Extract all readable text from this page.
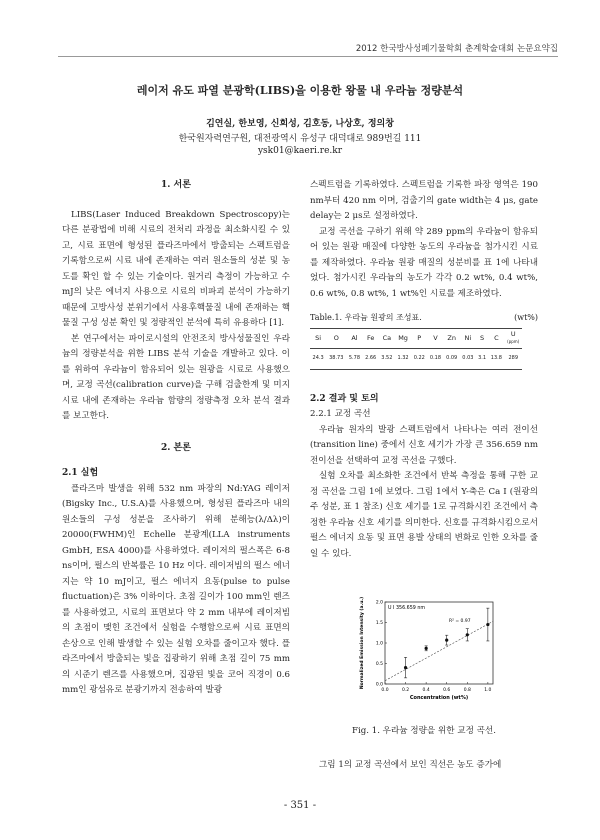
2012 한국방사성폐기물학회 춘계학술대회 논문요약집
레이저 유도 파열 분광학(LIBS)을 이용한 왕물 내 우라늄 정량분석
김연실, 한보영, 신희성, 김호동, 나상호, 정의창
한국원자력연구원, 대전광역시 유성구 대덕대로 989번길 111
ysk01@kaeri.re.kr
1. 서론

LIBS(Laser Induced Breakdown Spectroscopy)는 다른 분광법에 비해 시료의 전처리 과정을 최소화시킬 수 있고, 시료 표면에 형성된 플라즈마에서 방출되는 스펙트럼을 기록함으로써 시료 내에 존재하는 여러 원소들의 성분 및 농도를 확인 할 수 있는 기술이다. 원거리 측정이 가능하고 수 mJ의 낮은 에너지 사용으로 시료의 비파괴 분석이 가능하기 때문에 고방사성 분위기에서 사용후핵물질 내에 존재하는 핵물질 구성 성분 확인 및 정량적인 분석에 특히 유용하다 [1].

본 연구에서는 파이로시설의 안전조치 방사성물질인 우라늄의 정량분석을 위한 LIBS 분석 기술을 개발하고 있다. 이를 위하여 우라늄이 함유되어 있는 원광을 시료로 사용했으며, 교정 곡선(calibration curve)을 구해 검출한계 및 미지시료 내에 존재하는 우라늄 함량의 정량측정 오차 분석 결과를 보고한다.

2. 본론
2.1 실험

플라즈마 발생을 위해 532 nm 파장의 Nd:YAG 레이저(Bigsky Inc., U.S.A)를 사용했으며, 형성된 플라즈마 내의 원소들의 구성 성분을 조사하기 위해 분해능(λ/Δλ)이 20000(FWHM)인 Echelle 분광계(LLA instruments GmbH, ESA 4000)를 사용하였다. 레이저의 펄스폭은 6-8 ns이며, 펄스의 반복률은 10 Hz 이다. 레이저빔의 펄스 에너지는 약 10 mJ이고, 펄스 에너지 요동(pulse to pulse fluctuation)은 3% 이하이다. 초점 길이가 100 mm인 렌즈를 사용하였고, 시료의 표면보다 약 2 mm 내부에 레이저빔의 초점이 맺힌 조건에서 실험을 수행함으로써 시료 표면의 손상으로 인해 발생할 수 있는 실험 오차를 줄이고자 했다. 플라즈마에서 방출되는 빛을 집광하기 위해 초점 길이 75 mm의 시준기 렌즈를 사용했으며, 집광된 빛을 코어 직경이 0.6 mm인 광섬유로 분광기까지 전송하여 발광

스펙트럼을 기록하였다. 스펙트럼을 기록한 파장 영역은 190 nm부터 420 nm 이며, 검출기의 gate width는 4 μs, gate delay는 2 μs로 설정하였다.

교정 곡선을 구하기 위해 약 289 ppm의 우라늄이 함유되어 있는 원광 매질에 다양한 농도의 우라늄을 첨가시킨 시료를 제작하였다. 우라늄 원광 매질의 성분비를 표 1에 나타내었다. 첨가시킨 우라늄의 농도가 각각 0.2 wt%, 0.4 wt%, 0.6 wt%, 0.8 wt%, 1 wt%인 시료를 제조하였다.

Table.1. 우라늄 원광의 조성표.	(wt%)
Si	O	Al	Fe	Ca	Mg	P	V	Zn	Ni	S	C	U
(ppm)
24.3	38.73	5.78	2.66	3.52	1.32	0.22	0.18	0.09	0.03	3.1	13.8	289
2.2 결과 및 토의
2.2.1 교정 곡선

우라늄 원자의 발광 스펙트럼에서 나타나는 여러 전이선(transition line) 중에서 신호 세기가 가장 큰 356.659 nm 전이선을 선택하여 교정 곡선을 구했다.

실험 오차를 최소화한 조건에서 반복 측정을 통해 구한 교정 곡선을 그림 1에 보였다. 그림 1에서 Y-축은 Ca I (원광의 주 성분, 표 1 참조) 신호 세기를 1로 규격화시킨 조건에서 측정한 우라늄 신호 세기를 의미한다. 신호를 규격화시킴으로서 펄스 에너지 요동 및 표면 용발 상태의 변화로 인한 오차를 줄일 수 있다.

0.0	0.2	0.4	0.6	0.8	1.0
0.0
0.5
1.0
1.5
2.0
U I 356.659 nm
R² = 0.97
Concentration (wt%)
Normalized Emission Intensity (a.u.)
Fig. 1. 우라늄 정량을 위한 교정 곡선.
그림 1의 교정 곡선에서 보인 직선은 농도 증가에
- 351 -
